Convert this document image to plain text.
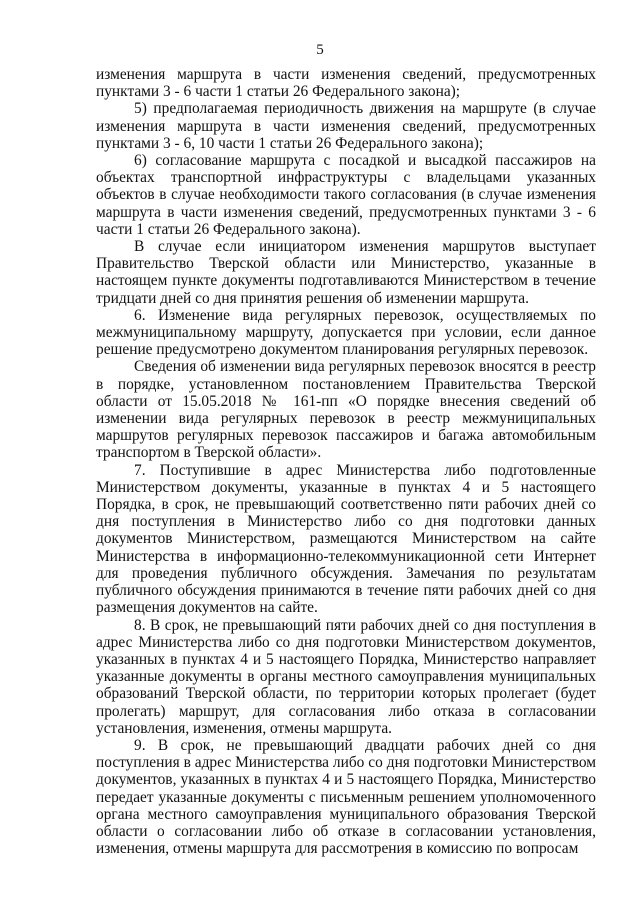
5

изменения маршрута в части изменения сведений, предусмотренных пунктами 3 - 6 части 1 статьи 26 Федерального закона);

5) предполагаемая периодичность движения на маршруте (в случае изменения маршрута в части изменения сведений, предусмотренных пунктами 3 - 6, 10 части 1 статьи 26 Федерального закона);

6) согласование маршрута с посадкой и высадкой пассажиров на объектах транспортной инфраструктуры с владельцами указанных объектов в случае необходимости такого согласования (в случае изменения маршрута в части изменения сведений, предусмотренных пунктами 3 - 6 части 1 статьи 26 Федерального закона).

В случае если инициатором изменения маршрутов выступает Правительство Тверской области или Министерство, указанные в настоящем пункте документы подготавливаются Министерством в течение тридцати дней со дня принятия решения об изменении маршрута.

6. Изменение вида регулярных перевозок, осуществляемых по межмуниципальному маршруту, допускается при условии, если данное решение предусмотрено документом планирования регулярных перевозок.

Сведения об изменении вида регулярных перевозок вносятся в реестр в порядке, установленном постановлением Правительства Тверской области от 15.05.2018 № 161-пп «О порядке внесения сведений об изменении вида регулярных перевозок в реестр межмуниципальных маршрутов регулярных перевозок пассажиров и багажа автомобильным транспортом в Тверской области».

7. Поступившие в адрес Министерства либо подготовленные Министерством документы, указанные в пунктах 4 и 5 настоящего Порядка, в срок, не превышающий соответственно пяти рабочих дней со дня поступления в Министерство либо со дня подготовки данных документов Министерством, размещаются Министерством на сайте Министерства в информационно-телекоммуникационной сети Интернет для проведения публичного обсуждения. Замечания по результатам публичного обсуждения принимаются в течение пяти рабочих дней со дня размещения документов на сайте.

8. В срок, не превышающий пяти рабочих дней со дня поступления в адрес Министерства либо со дня подготовки Министерством документов, указанных в пунктах 4 и 5 настоящего Порядка, Министерство направляет указанные документы в органы местного самоуправления муниципальных образований Тверской области, по территории которых пролегает (будет пролегать) маршрут, для согласования либо отказа в согласовании установления, изменения, отмены маршрута.

9. В срок, не превышающий двадцати рабочих дней со дня поступления в адрес Министерства либо со дня подготовки Министерством документов, указанных в пунктах 4 и 5 настоящего Порядка, Министерство передает указанные документы с письменным решением уполномоченного органа местного самоуправления муниципального образования Тверской области о согласовании либо об отказе в согласовании установления, изменения, отмены маршрута для рассмотрения в комиссию по вопросам
